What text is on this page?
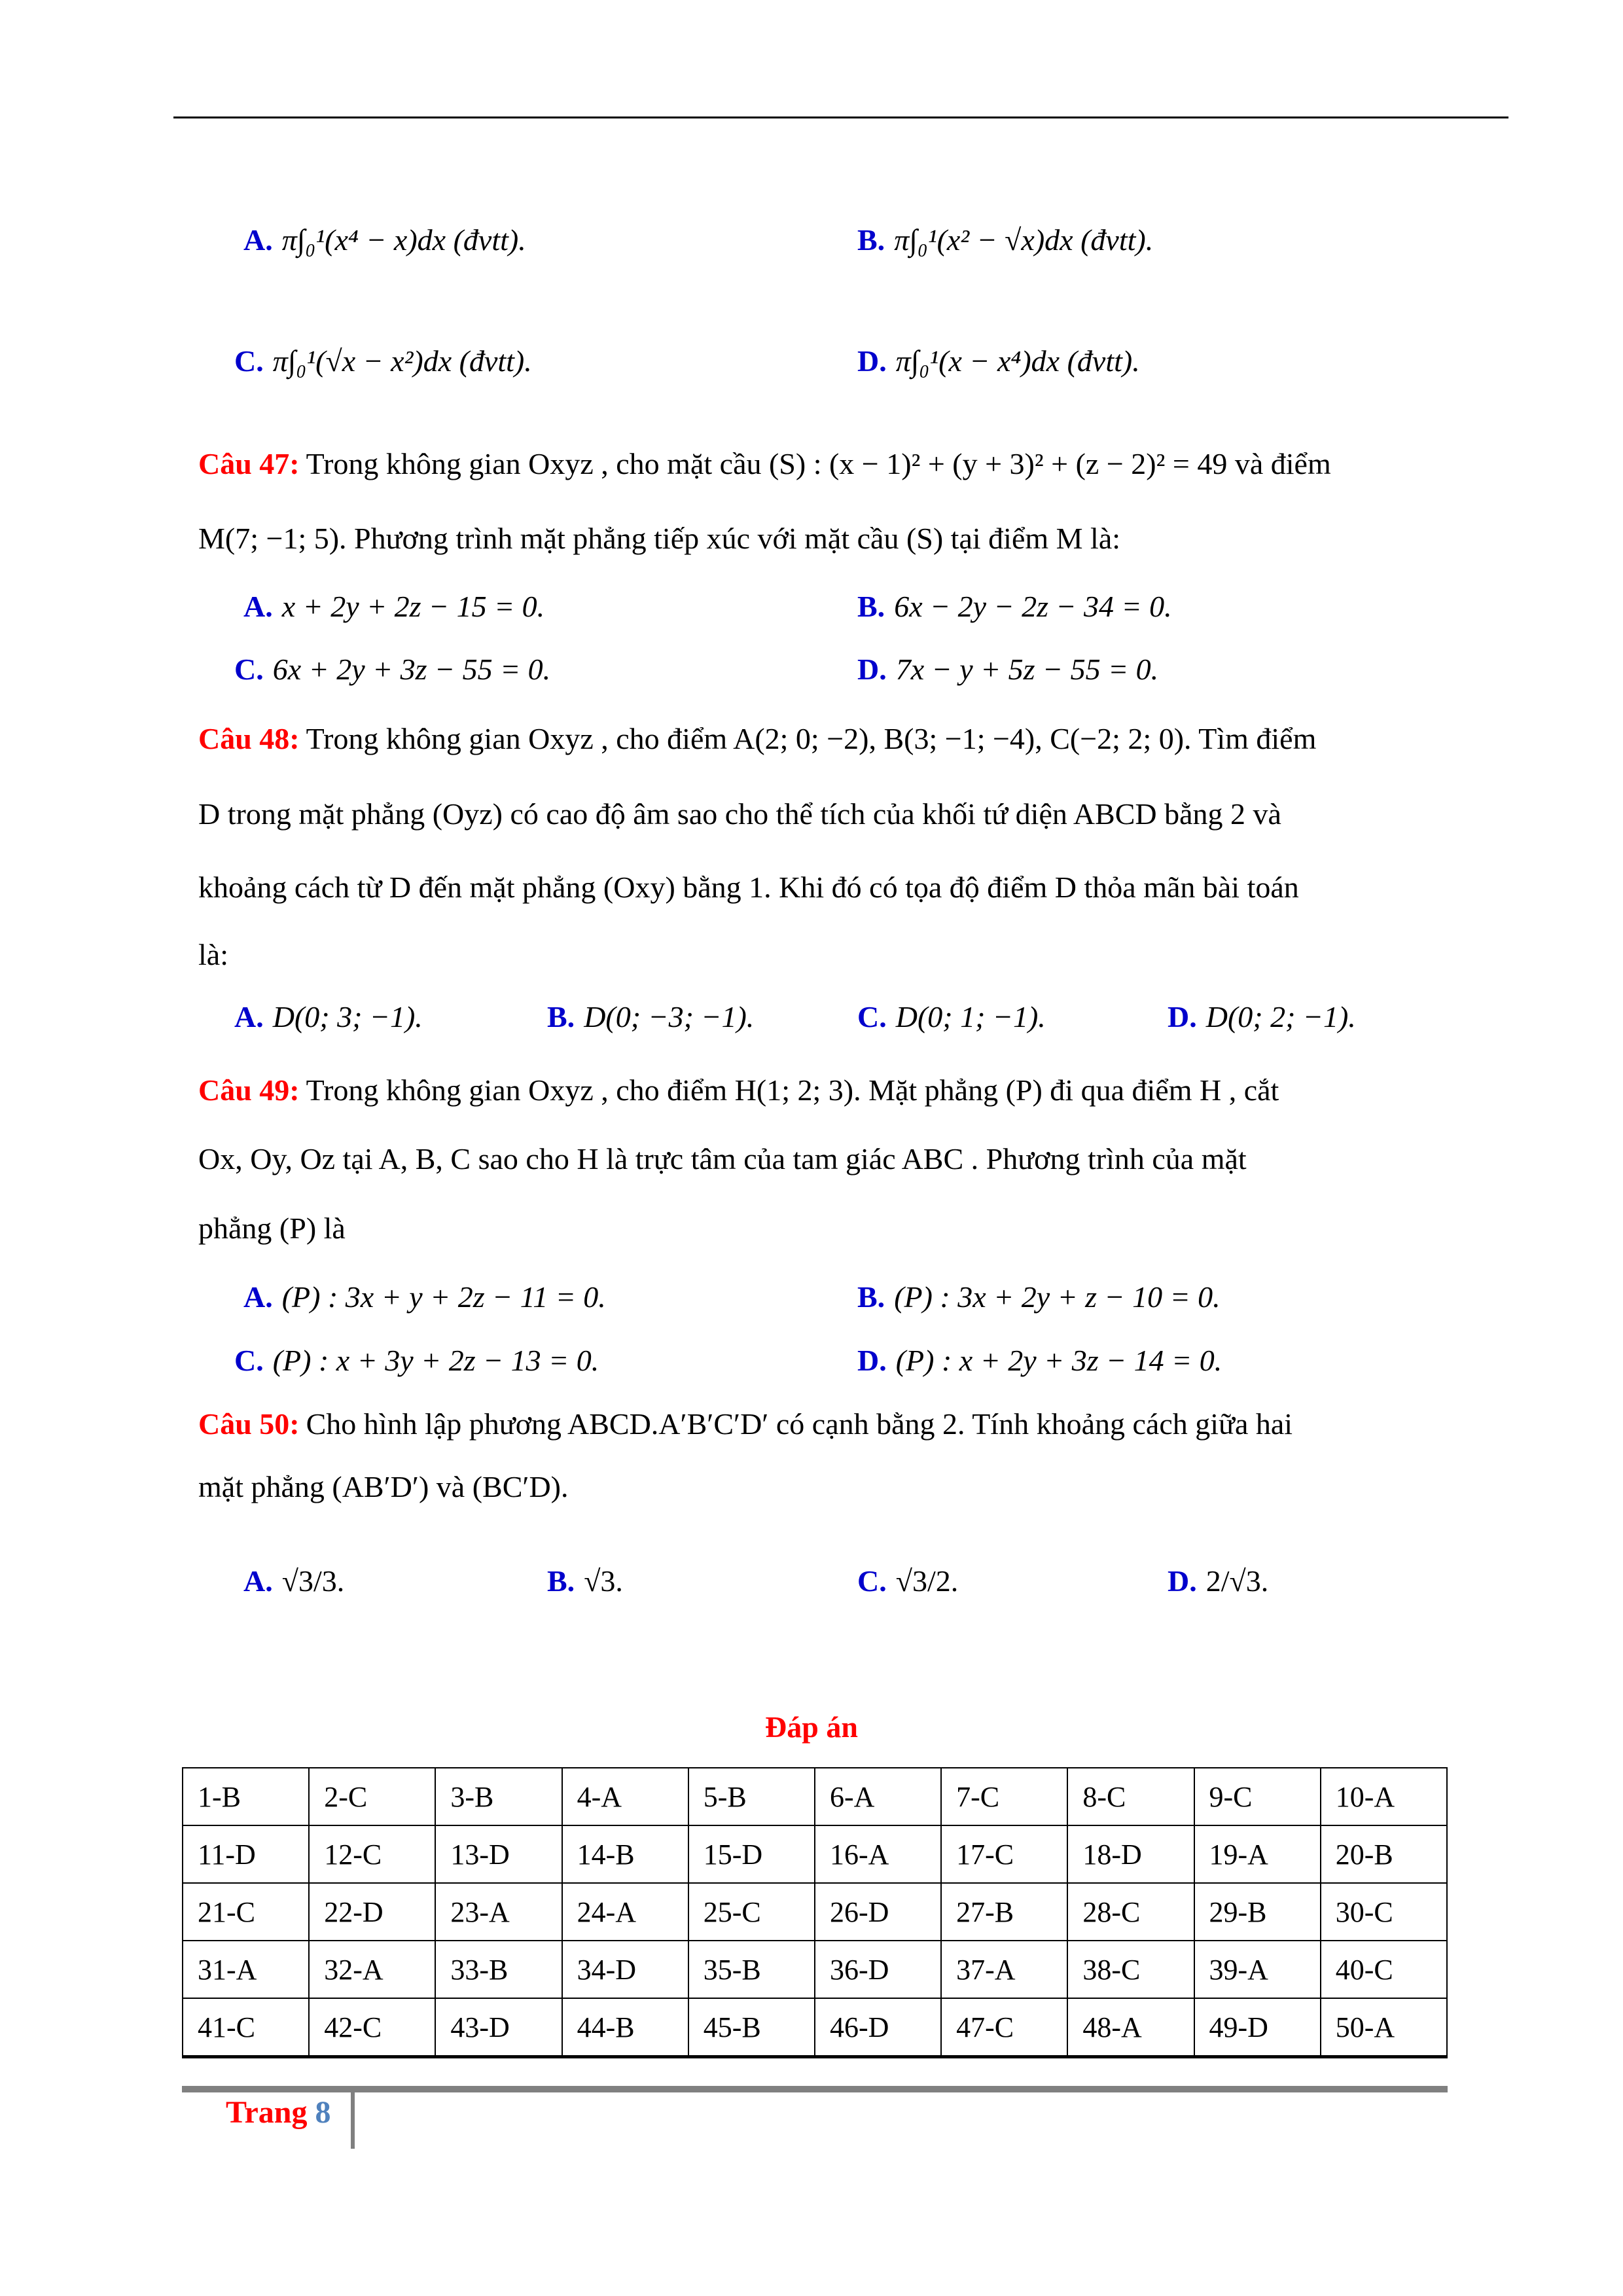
A. π∫₀¹(x⁴ − x)dx (đvtt).	B. π∫₀¹(x² − √x)dx (đvtt).
C. π∫₀¹(√x − x²)dx (đvtt).	D. π∫₀¹(x − x⁴)dx (đvtt).
Câu 47: Trong không gian Oxyz , cho mặt cầu (S) : (x − 1)² + (y + 3)² + (z − 2)² = 49 và điểm
M(7; −1; 5). Phương trình mặt phẳng tiếp xúc với mặt cầu (S) tại điểm M là:
A. x + 2y + 2z − 15 = 0.	B. 6x − 2y − 2z − 34 = 0.
C. 6x + 2y + 3z − 55 = 0.	D. 7x − y + 5z − 55 = 0.
Câu 48: Trong không gian Oxyz , cho điểm A(2; 0; −2), B(3; −1; −4), C(−2; 2; 0). Tìm điểm
D trong mặt phẳng (Oyz) có cao độ âm sao cho thể tích của khối tứ diện ABCD bằng 2 và
khoảng cách từ D đến mặt phẳng (Oxy) bằng 1. Khi đó có tọa độ điểm D thỏa mãn bài toán
là:
A. D(0; 3; −1).	B. D(0; −3; −1).	C. D(0; 1; −1).	D. D(0; 2; −1).
Câu 49: Trong không gian Oxyz , cho điểm H(1; 2; 3). Mặt phẳng (P) đi qua điểm H , cắt
Ox, Oy, Oz tại A, B, C sao cho H là trực tâm của tam giác ABC . Phương trình của mặt
phẳng (P) là
A. (P) : 3x + y + 2z − 11 = 0.	B. (P) : 3x + 2y + z − 10 = 0.
C. (P) : x + 3y + 2z − 13 = 0.	D. (P) : x + 2y + 3z − 14 = 0.
Câu 50: Cho hình lập phương ABCD.A′B′C′D′ có cạnh bằng 2. Tính khoảng cách giữa hai
mặt phẳng (AB′D′) và (BC′D).
A. √3/3.	B. √3.	C. √3/2.	D. 2/√3.
Đáp án
1-B	2-C	3-B	4-A	5-B	6-A	7-C	8-C	9-C	10-A
11-D	12-C	13-D	14-B	15-D	16-A	17-C	18-D	19-A	20-B
21-C	22-D	23-A	24-A	25-C	26-D	27-B	28-C	29-B	30-C
31-A	32-A	33-B	34-D	35-B	36-D	37-A	38-C	39-A	40-C
41-C	42-C	43-D	44-B	45-B	46-D	47-C	48-A	49-D	50-A
Trang 8
